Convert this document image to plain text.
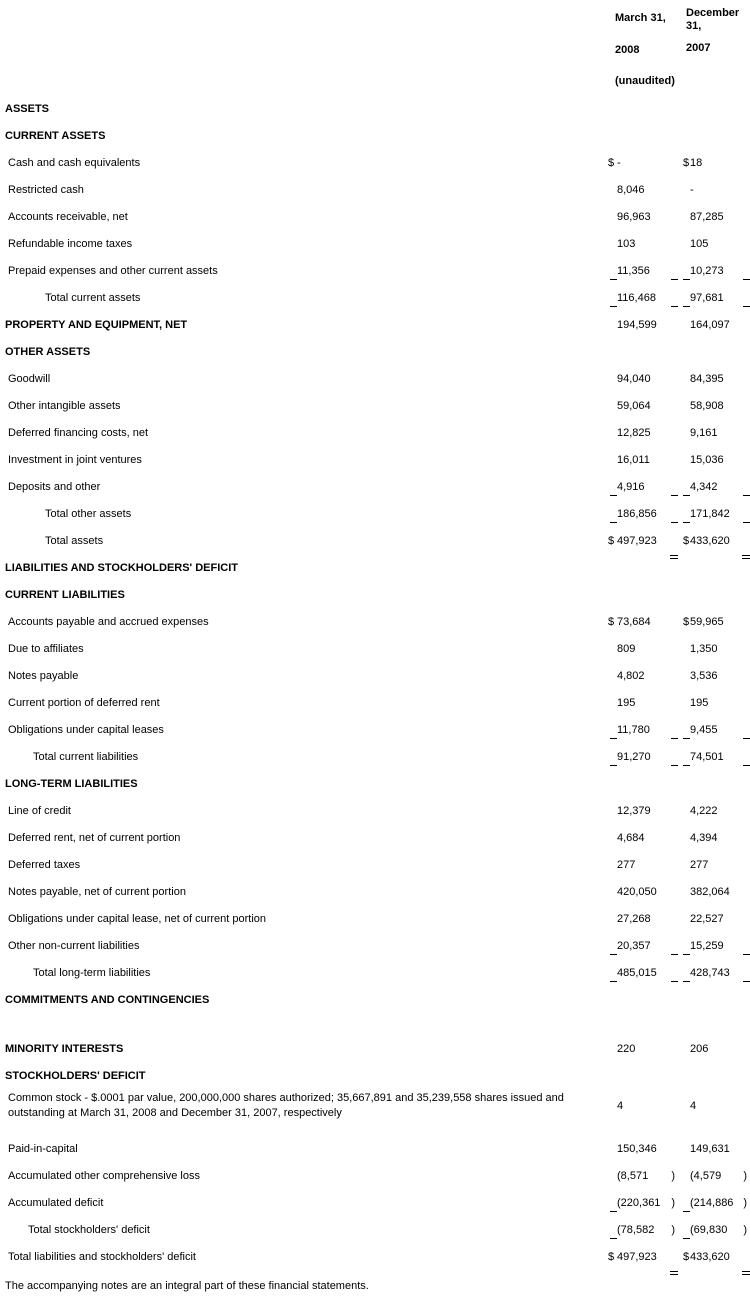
March 31,
2008
(unaudited)
December 31,
2007
ASSETS
CURRENT ASSETS
Cash and cash equivalents	$ -	$ 18
Restricted cash	8,046	-
Accounts receivable, net	96,963	87,285
Refundable income taxes	103	105
Prepaid expenses and other current assets	11,356	10,273
Total current assets	116,468	97,681
PROPERTY AND EQUIPMENT, NET	194,599	164,097
OTHER ASSETS
Goodwill	94,040	84,395
Other intangible assets	59,064	58,908
Deferred financing costs, net	12,825	9,161
Investment in joint ventures	16,011	15,036
Deposits and other	4,916	4,342
Total other assets	186,856	171,842
Total assets	$ 497,923 $ 433,620
LIABILITIES AND STOCKHOLDERS' DEFICIT
CURRENT LIABILITIES
Accounts payable and accrued expenses	$ 73,684	$ 59,965
Due to affiliates	809	1,350
Notes payable	4,802	3,536
Current portion of deferred rent	195	195
Obligations under capital leases	11,780	9,455
Total current liabilities	91,270	74,501
LONG-TERM LIABILITIES
Line of credit	12,379	4,222
Deferred rent, net of current portion	4,684	4,394
Deferred taxes	277	277
Notes payable, net of current portion	420,050	382,064
Obligations under capital lease, net of current portion	27,268	22,527
Other non-current liabilities	20,357	15,259
Total long-term liabilities	485,015	428,743
COMMITMENTS AND CONTINGENCIES
MINORITY INTERESTS	220	206
STOCKHOLDERS' DEFICIT
Common stock - $.0001 par value, 200,000,000 shares authorized; 35,667,891 and 35,239,558 shares issued and outstanding at March 31, 2008 and December 31, 2007, respectively
4	4
Paid-in-capital	150,346	149,631
Accumulated other comprehensive loss	(8,571 ) (4,579 )
Accumulated deficit	(220,361 ) (214,886 )
Total stockholders' deficit	(78,582 ) (69,830 )
Total liabilities and stockholders' deficit	$ 497,923 $ 433,620
The accompanying notes are an integral part of these financial statements.
